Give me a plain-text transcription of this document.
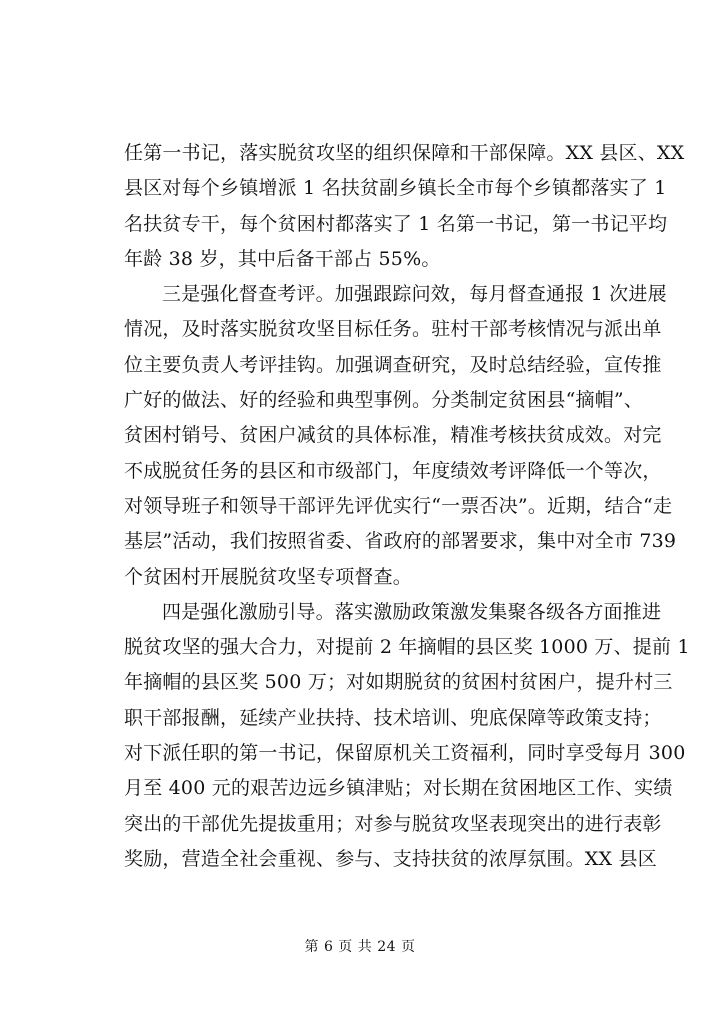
任第一书记，落实脱贫攻坚的组织保障和干部保障。XX 县区、XX
县区对每个乡镇增派 1 名扶贫副乡镇长全市每个乡镇都落实了 1
名扶贫专干，每个贫困村都落实了 1 名第一书记，第一书记平均
年龄 38 岁，其中后备干部占 55%。
三是强化督查考评。加强跟踪问效，每月督查通报 1 次进展
情况，及时落实脱贫攻坚目标任务。驻村干部考核情况与派出单
位主要负责人考评挂钩。加强调查研究，及时总结经验，宣传推
广好的做法、好的经验和典型事例。分类制定贫困县“摘帽”、
贫困村销号、贫困户减贫的具体标准，精准考核扶贫成效。对完
不成脱贫任务的县区和市级部门，年度绩效考评降低一个等次，
对领导班子和领导干部评先评优实行“一票否决”。近期，结合“走
基层”活动，我们按照省委、省政府的部署要求，集中对全市 739
个贫困村开展脱贫攻坚专项督查。
四是强化激励引导。落实激励政策激发集聚各级各方面推进
脱贫攻坚的强大合力，对提前 2 年摘帽的县区奖 1000 万、提前 1
年摘帽的县区奖 500 万；对如期脱贫的贫困村贫困户，提升村三
职干部报酬，延续产业扶持、技术培训、兜底保障等政策支持；
对下派任职的第一书记，保留原机关工资福利，同时享受每月 300
月至 400 元的艰苦边远乡镇津贴；对长期在贫困地区工作、实绩
突出的干部优先提拔重用；对参与脱贫攻坚表现突出的进行表彰
奖励，营造全社会重视、参与、支持扶贫的浓厚氛围。XX 县区
第 6 页 共 24 页
